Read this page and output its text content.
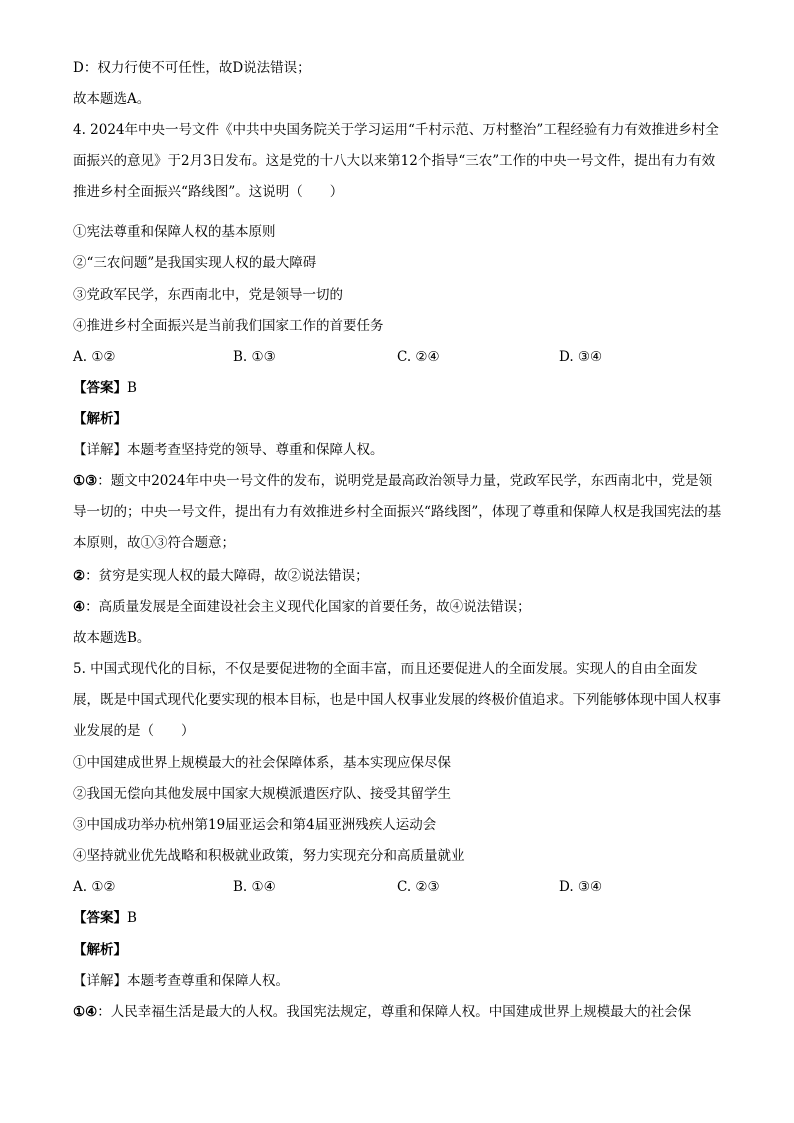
D：权力行使不可任性，故D说法错误；
故本题选A。
4. 2024年中央一号文件《中共中央国务院关于学习运用“千村示范、万村整治”工程经验有力有效推进乡村全面振兴的意见》于2月3日发布。这是党的十八大以来第12个指导“三农”工作的中央一号文件，提出有力有效推进乡村全面振兴“路线图”。这说明（　　）
①宪法尊重和保障人权的基本原则
②“三农问题”是我国实现人权的最大障碍
③党政军民学，东西南北中，党是领导一切的
④推进乡村全面振兴是当前我们国家工作的首要任务
A. ①②	B. ①③	C. ②④	D. ③④
【答案】B
【解析】
【详解】本题考查坚持党的领导、尊重和保障人权。
①③：题文中2024年中央一号文件的发布，说明党是最高政治领导力量，党政军民学，东西南北中，党是领导一切的；中央一号文件，提出有力有效推进乡村全面振兴“路线图”，体现了尊重和保障人权是我国宪法的基本原则，故①③符合题意；
②：贫穷是实现人权的最大障碍，故②说法错误；
④：高质量发展是全面建设社会主义现代化国家的首要任务，故④说法错误；
故本题选B。
5. 中国式现代化的目标，不仅是要促进物的全面丰富，而且还要促进人的全面发展。实现人的自由全面发展，既是中国式现代化要实现的根本目标，也是中国人权事业发展的终极价值追求。下列能够体现中国人权事业发展的是（　　）
①中国建成世界上规模最大的社会保障体系，基本实现应保尽保
②我国无偿向其他发展中国家大规模派遣医疗队、接受其留学生
③中国成功举办杭州第19届亚运会和第4届亚洲残疾人运动会
④坚持就业优先战略和积极就业政策，努力实现充分和高质量就业
A. ①②	B. ①④	C. ②③	D. ③④
【答案】B
【解析】
【详解】本题考查尊重和保障人权。
①④：人民幸福生活是最大的人权。我国宪法规定，尊重和保障人权。中国建成世界上规模最大的社会保
